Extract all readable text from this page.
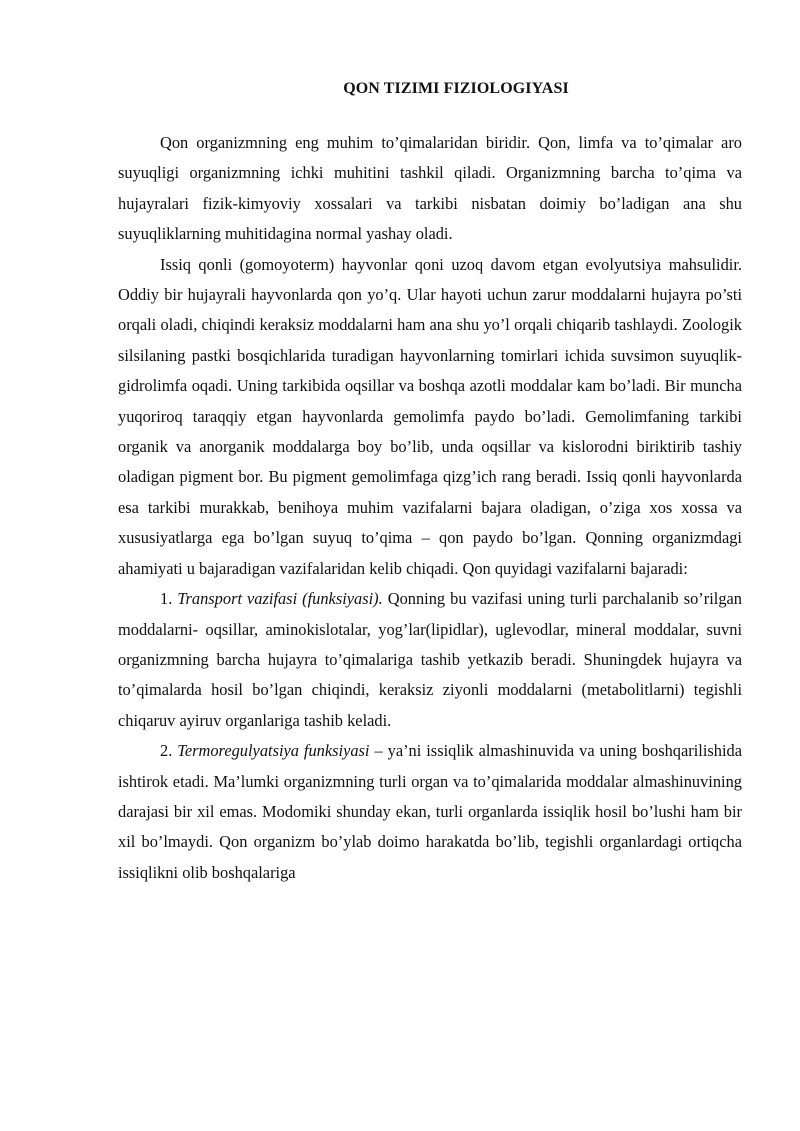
QON TIZIMI FIZIOLOGIYASI

Qon organizmning eng muhim to’qimalaridan biridir. Qon, limfa va to’qimalar aro suyuqligi organizmning ichki muhitini tashkil qiladi. Organizmning barcha to’qima va hujayralari fizik-kimyoviy xossalari va tarkibi nisbatan doimiy bo’ladigan ana shu suyuqliklarning muhitidagina normal yashay oladi.

Issiq qonli (gomoyoterm) hayvonlar qoni uzoq davom etgan evolyutsiya mahsulidir. Oddiy bir hujayrali hayvonlarda qon yo’q. Ular hayoti uchun zarur moddalarni hujayra po’sti orqali oladi, chiqindi keraksiz moddalarni ham ana shu yo’l orqali chiqarib tashlaydi. Zoologik silsilaning pastki bosqichlarida turadigan hayvonlarning tomirlari ichida suvsimon suyuqlik-gidrolimfa oqadi. Uning tarkibida oqsillar va boshqa azotli moddalar kam bo’ladi. Bir muncha yuqoriroq taraqqiy etgan hayvonlarda gemolimfa paydo bo’ladi. Gemolimfaning tarkibi organik va anorganik moddalarga boy bo’lib, unda oqsillar va kislorodni biriktirib tashiy oladigan pigment bor. Bu pigment gemolimfaga qizg’ich rang beradi. Issiq qonli hayvonlarda esa tarkibi murakkab, benihoya muhim vazifalarni bajara oladigan, o’ziga xos xossa va xususiyatlarga ega bo’lgan suyuq to’qima – qon paydo bo’lgan. Qonning organizmdagi ahamiyati u bajaradigan vazifalaridan kelib chiqadi. Qon quyidagi vazifalarni bajaradi:

1. Transport vazifasi (funksiyasi). Qonning bu vazifasi uning turli parchalanib so’rilgan moddalarni- oqsillar, aminokislotalar, yog’lar(lipidlar), uglevodlar, mineral moddalar, suvni organizmning barcha hujayra to’qimalariga tashib yetkazib beradi. Shuningdek hujayra va to’qimalarda hosil bo’lgan chiqindi, keraksiz ziyonli moddalarni (metabolitlarni) tegishli chiqaruv ayiruv organlariga tashib keladi.

2. Termoregulyatsiya funksiyasi – ya’ni issiqlik almashinuvida va uning boshqarilishida ishtirok etadi. Ma’lumki organizmning turli organ va to’qimalarida moddalar almashinuvining darajasi bir xil emas. Modomiki shunday ekan, turli organlarda issiqlik hosil bo’lushi ham bir xil bo’lmaydi. Qon organizm bo’ylab doimo harakatda bo’lib, tegishli organlardagi ortiqcha issiqlikni olib boshqalariga
